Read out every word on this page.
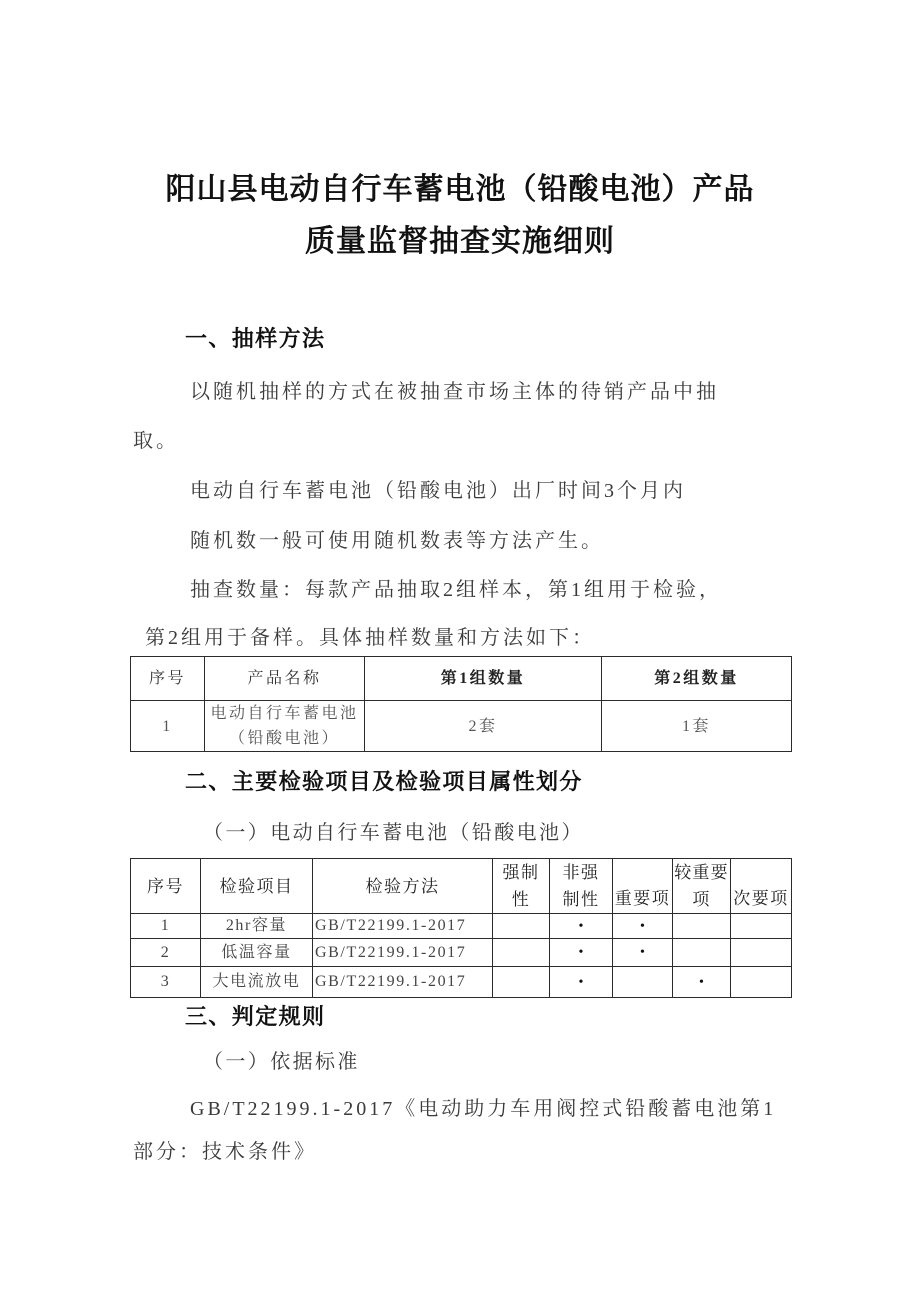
阳山县电动自行车蓄电池（铅酸电池）产品
质量监督抽查实施细则
一、抽样方法
以随机抽样的方式在被抽查市场主体的待销产品中抽
取。
电动自行车蓄电池（铅酸电池）出厂时间3个月内
随机数一般可使用随机数表等方法产生。
抽查数量：每款产品抽取2组样本，第1组用于检验，
第2组用于备样。具体抽样数量和方法如下：
序号	产品名称	第1组数量	第2组数量
1	电动自行车蓄电池（铅酸电池）	2套	1套
二、主要检验项目及检验项目属性划分
（一）电动自行车蓄电池（铅酸电池）
序号	检验项目	检验方法	强制性	非强制性	重要项	较重要项	次要项
1	2hr容量	GB/T22199.1-2017		•	•		
2	低温容量	GB/T22199.1-2017		•	•		
3	大电流放电	GB/T22199.1-2017		•		•	
三、判定规则
（一）依据标准
GB/T22199.1-2017《电动助力车用阀控式铅酸蓄电池第1
部分：技术条件》
